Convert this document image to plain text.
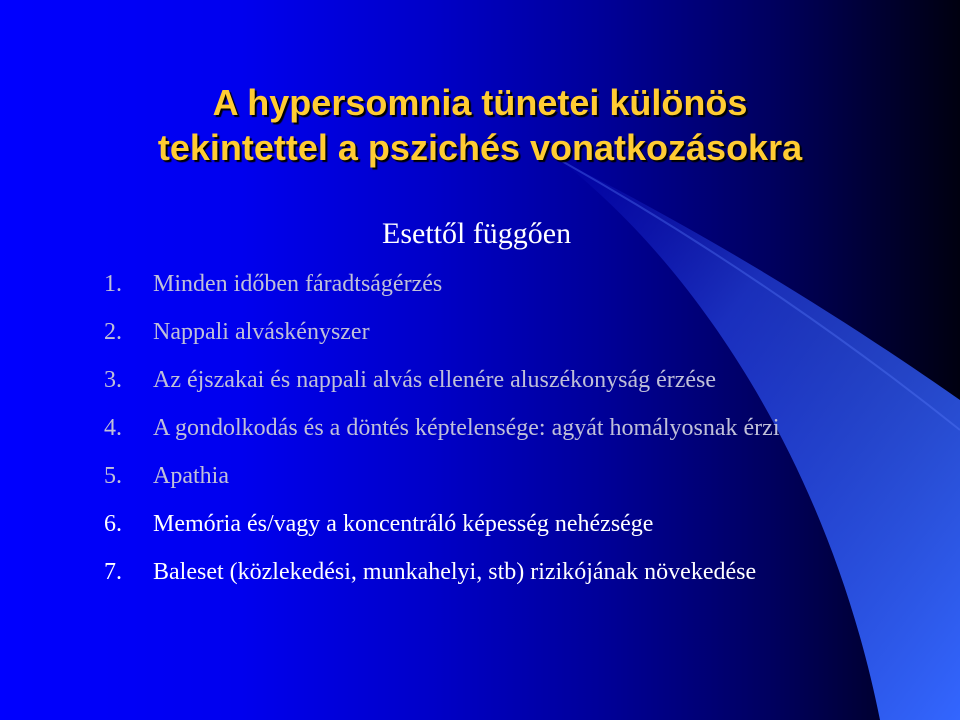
A hypersomnia tünetei különös
tekintettel a pszichés vonatkozásokra

Esettől függően

1.	Minden időben fáradtságérzés
2.	Nappali alváskényszer
3.	Az éjszakai és nappali alvás ellenére aluszékonyság érzése
4.	A gondolkodás és a döntés képtelensége: agyát homályosnak érzi
5.	Apathia
6.	Memória és/vagy a koncentráló képesség nehézsége
7.	Baleset (közlekedési, munkahelyi, stb) rizikójának növekedése
